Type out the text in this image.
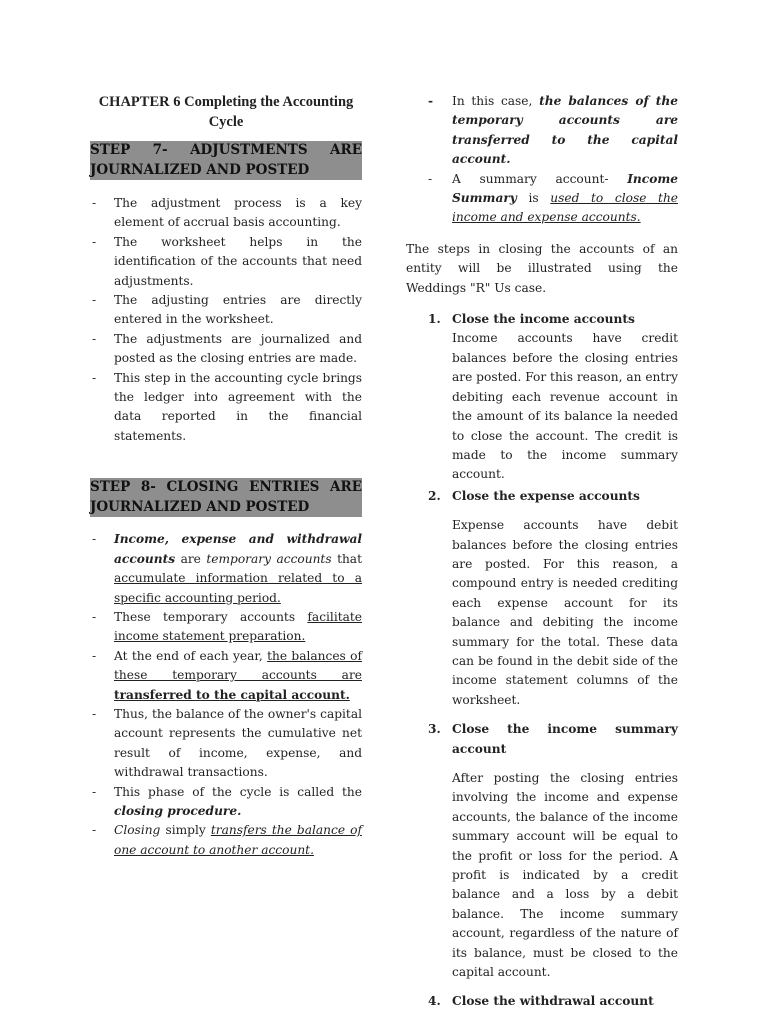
CHAPTER 6 Completing the Accounting Cycle
STEP 7- ADJUSTMENTS ARE JOURNALIZED AND POSTED
- The adjustment process is a key element of accrual basis accounting.
- The worksheet helps in the identification of the accounts that need adjustments.
- The adjusting entries are directly entered in the worksheet.
- The adjustments are journalized and posted as the closing entries are made.
- This step in the accounting cycle brings the ledger into agreement with the data reported in the financial statements.
STEP 8- CLOSING ENTRIES ARE JOURNALIZED AND POSTED
- Income, expense and withdrawal accounts are temporary accounts that accumulate information related to a specific accounting period.
- These temporary accounts facilitate income statement preparation.
- At the end of each year, the balances of these temporary accounts are transferred to the capital account.
- Thus, the balance of the owner's capital account represents the cumulative net result of income, expense, and withdrawal transactions.
- This phase of the cycle is called the closing procedure.
- Closing simply transfers the balance of one account to another account.
- In this case, the balances of the temporary accounts are transferred to the capital account.
- A summary account- Income Summary is used to close the income and expense accounts.

The steps in closing the accounts of an entity will be illustrated using the Weddings "R" Us case.

1. Close the income accounts

Income accounts have credit balances before the closing entries are posted. For this reason, an entry debiting each revenue account in the amount of its balance la needed to close the account. The credit is made to the income summary account.

2. Close the expense accounts

Expense accounts have debit balances before the closing entries are posted. For this reason, a compound entry is needed crediting each expense account for its balance and debiting the income summary for the total. These data can be found in the debit side of the income statement columns of the worksheet.

3. Close the income summary account

After posting the closing entries involving the income and expense accounts, the balance of the income summary account will be equal to the profit or loss for the period. A profit is indicated by a credit balance and a loss by a debit balance. The income summary account, regardless of the nature of its balance, must be closed to the capital account.

4. Close the withdrawal account
